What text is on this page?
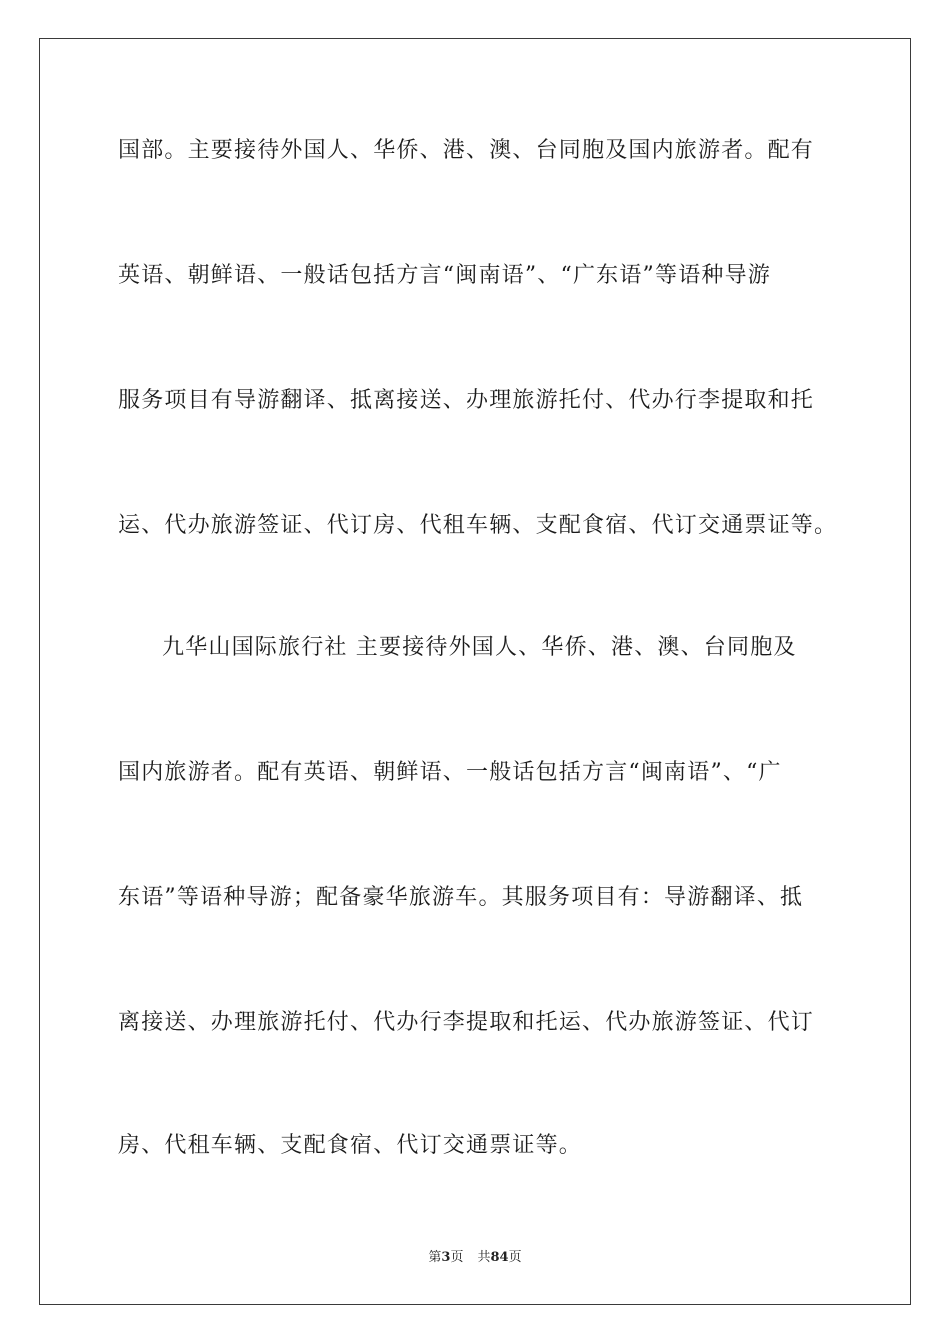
国部。主要接待外国人、华侨、港、澳、台同胞及国内旅游者。配有
英语、朝鲜语、一般话包括方言“闽南语”、“广东语”等语种导游
服务项目有导游翻译、抵离接送、办理旅游托付、代办行李提取和托
运、代办旅游签证、代订房、代租车辆、支配食宿、代订交通票证等。
九华山国际旅行社 主要接待外国人、华侨、港、澳、台同胞及
国内旅游者。配有英语、朝鲜语、一般话包括方言“闽南语”、“广
东语”等语种导游；配备豪华旅游车。其服务项目有：导游翻译、抵
离接送、办理旅游托付、代办行李提取和托运、代办旅游签证、代订
房、代租车辆、支配食宿、代订交通票证等。
第3页 共84页
